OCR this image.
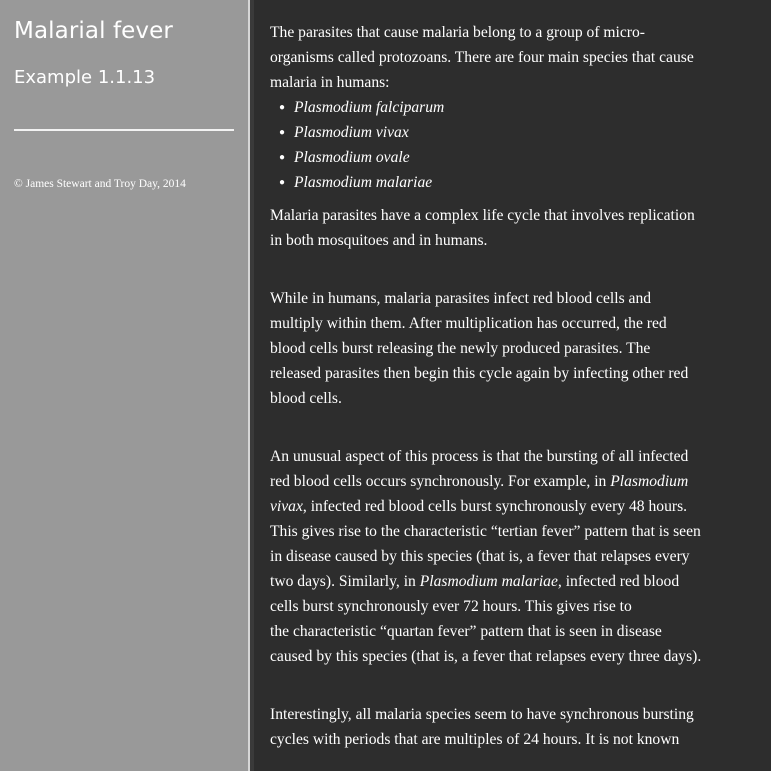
Malarial fever
Example 1.1.13
© James Stewart and Troy Day, 2014

The parasites that cause malaria belong to a group of micro-
organisms called protozoans. There are four main species that cause
malaria in humans:

● Plasmodium falciparum
● Plasmodium vivax
● Plasmodium ovale
● Plasmodium malariae

Malaria parasites have a complex life cycle that involves replication
in both mosquitoes and in humans.

While in humans, malaria parasites infect red blood cells and
multiply within them. After multiplication has occurred, the red
blood cells burst releasing the newly produced parasites. The
released parasites then begin this cycle again by infecting other red
blood cells.

An unusual aspect of this process is that the bursting of all infected
red blood cells occurs synchronously. For example, in Plasmodium
vivax, infected red blood cells burst synchronously every 48 hours.
This gives rise to the characteristic “tertian fever” pattern that is seen
in disease caused by this species (that is, a fever that relapses every
two days). Similarly, in Plasmodium malariae, infected red blood
cells burst synchronously ever 72 hours. This gives rise to
the characteristic “quartan fever” pattern that is seen in disease
caused by this species (that is, a fever that relapses every three days).

Interestingly, all malaria species seem to have synchronous bursting
cycles with periods that are multiples of 24 hours. It is not known
